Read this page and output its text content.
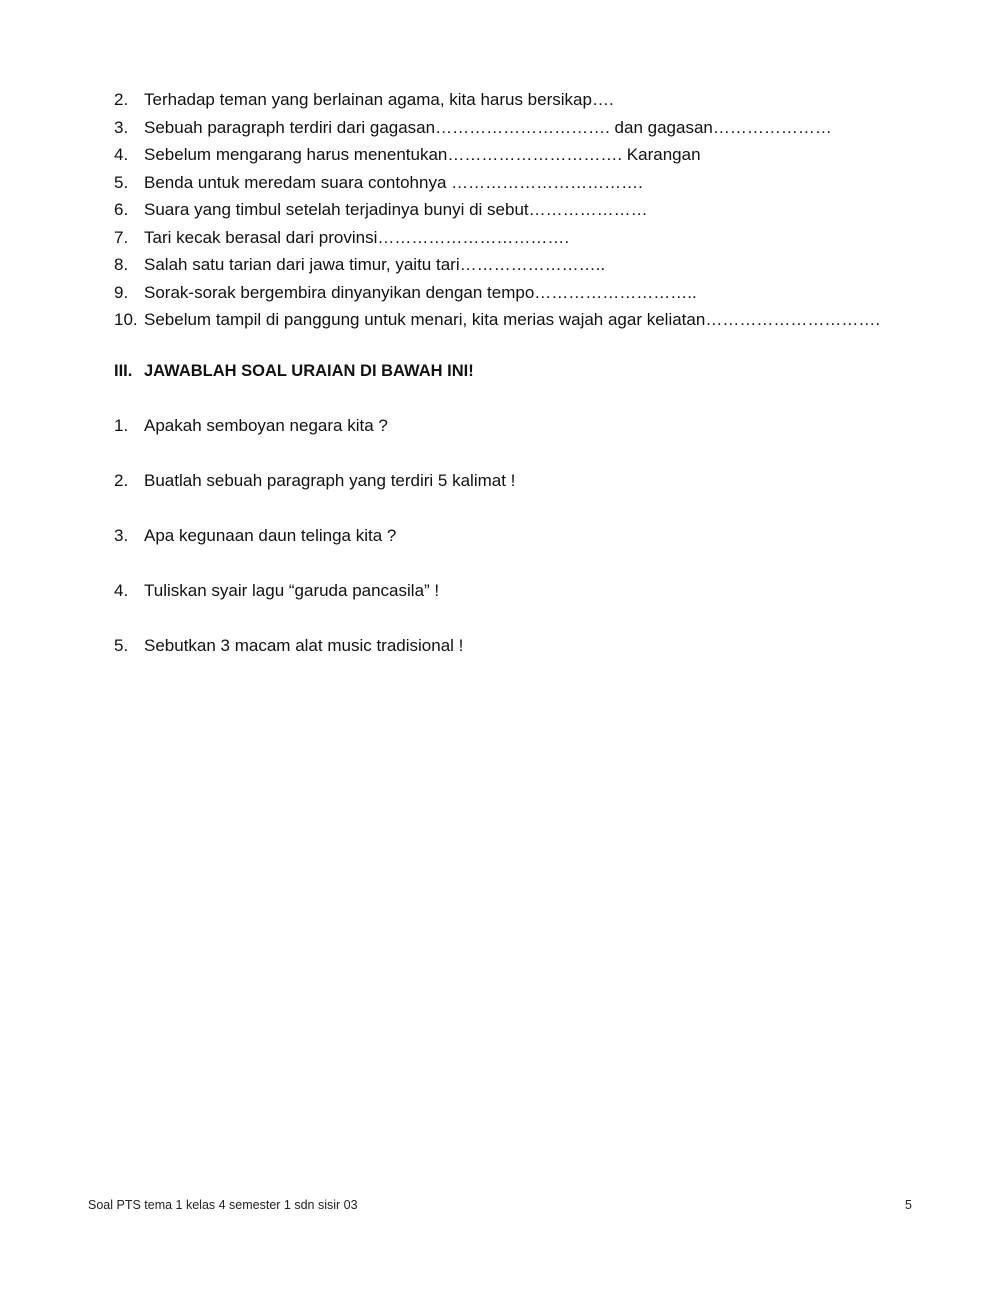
2. Terhadap teman yang berlainan agama, kita harus bersikap….
3. Sebuah paragraph terdiri dari gagasan…………………………. dan gagasan…………………
4. Sebelum mengarang harus menentukan…………………………. Karangan
5. Benda untuk meredam suara contohnya …………………………….
6. Suara yang timbul setelah terjadinya bunyi di sebut…………………
7. Tari kecak berasal dari provinsi…………………………….
8. Salah satu tarian dari jawa timur, yaitu tari……………………..
9. Sorak-sorak bergembira dinyanyikan dengan tempo………………………..
10. Sebelum tampil di panggung untuk menari, kita merias wajah agar keliatan………………………….
III. JAWABLAH SOAL URAIAN DI BAWAH INI!
1. Apakah semboyan negara kita ?
2. Buatlah sebuah paragraph yang terdiri 5 kalimat !
3. Apa kegunaan daun telinga kita ?
4. Tuliskan syair lagu “garuda pancasila” !
5. Sebutkan 3 macam alat music tradisional !
Soal PTS tema 1 kelas 4 semester 1 sdn sisir 03	5
